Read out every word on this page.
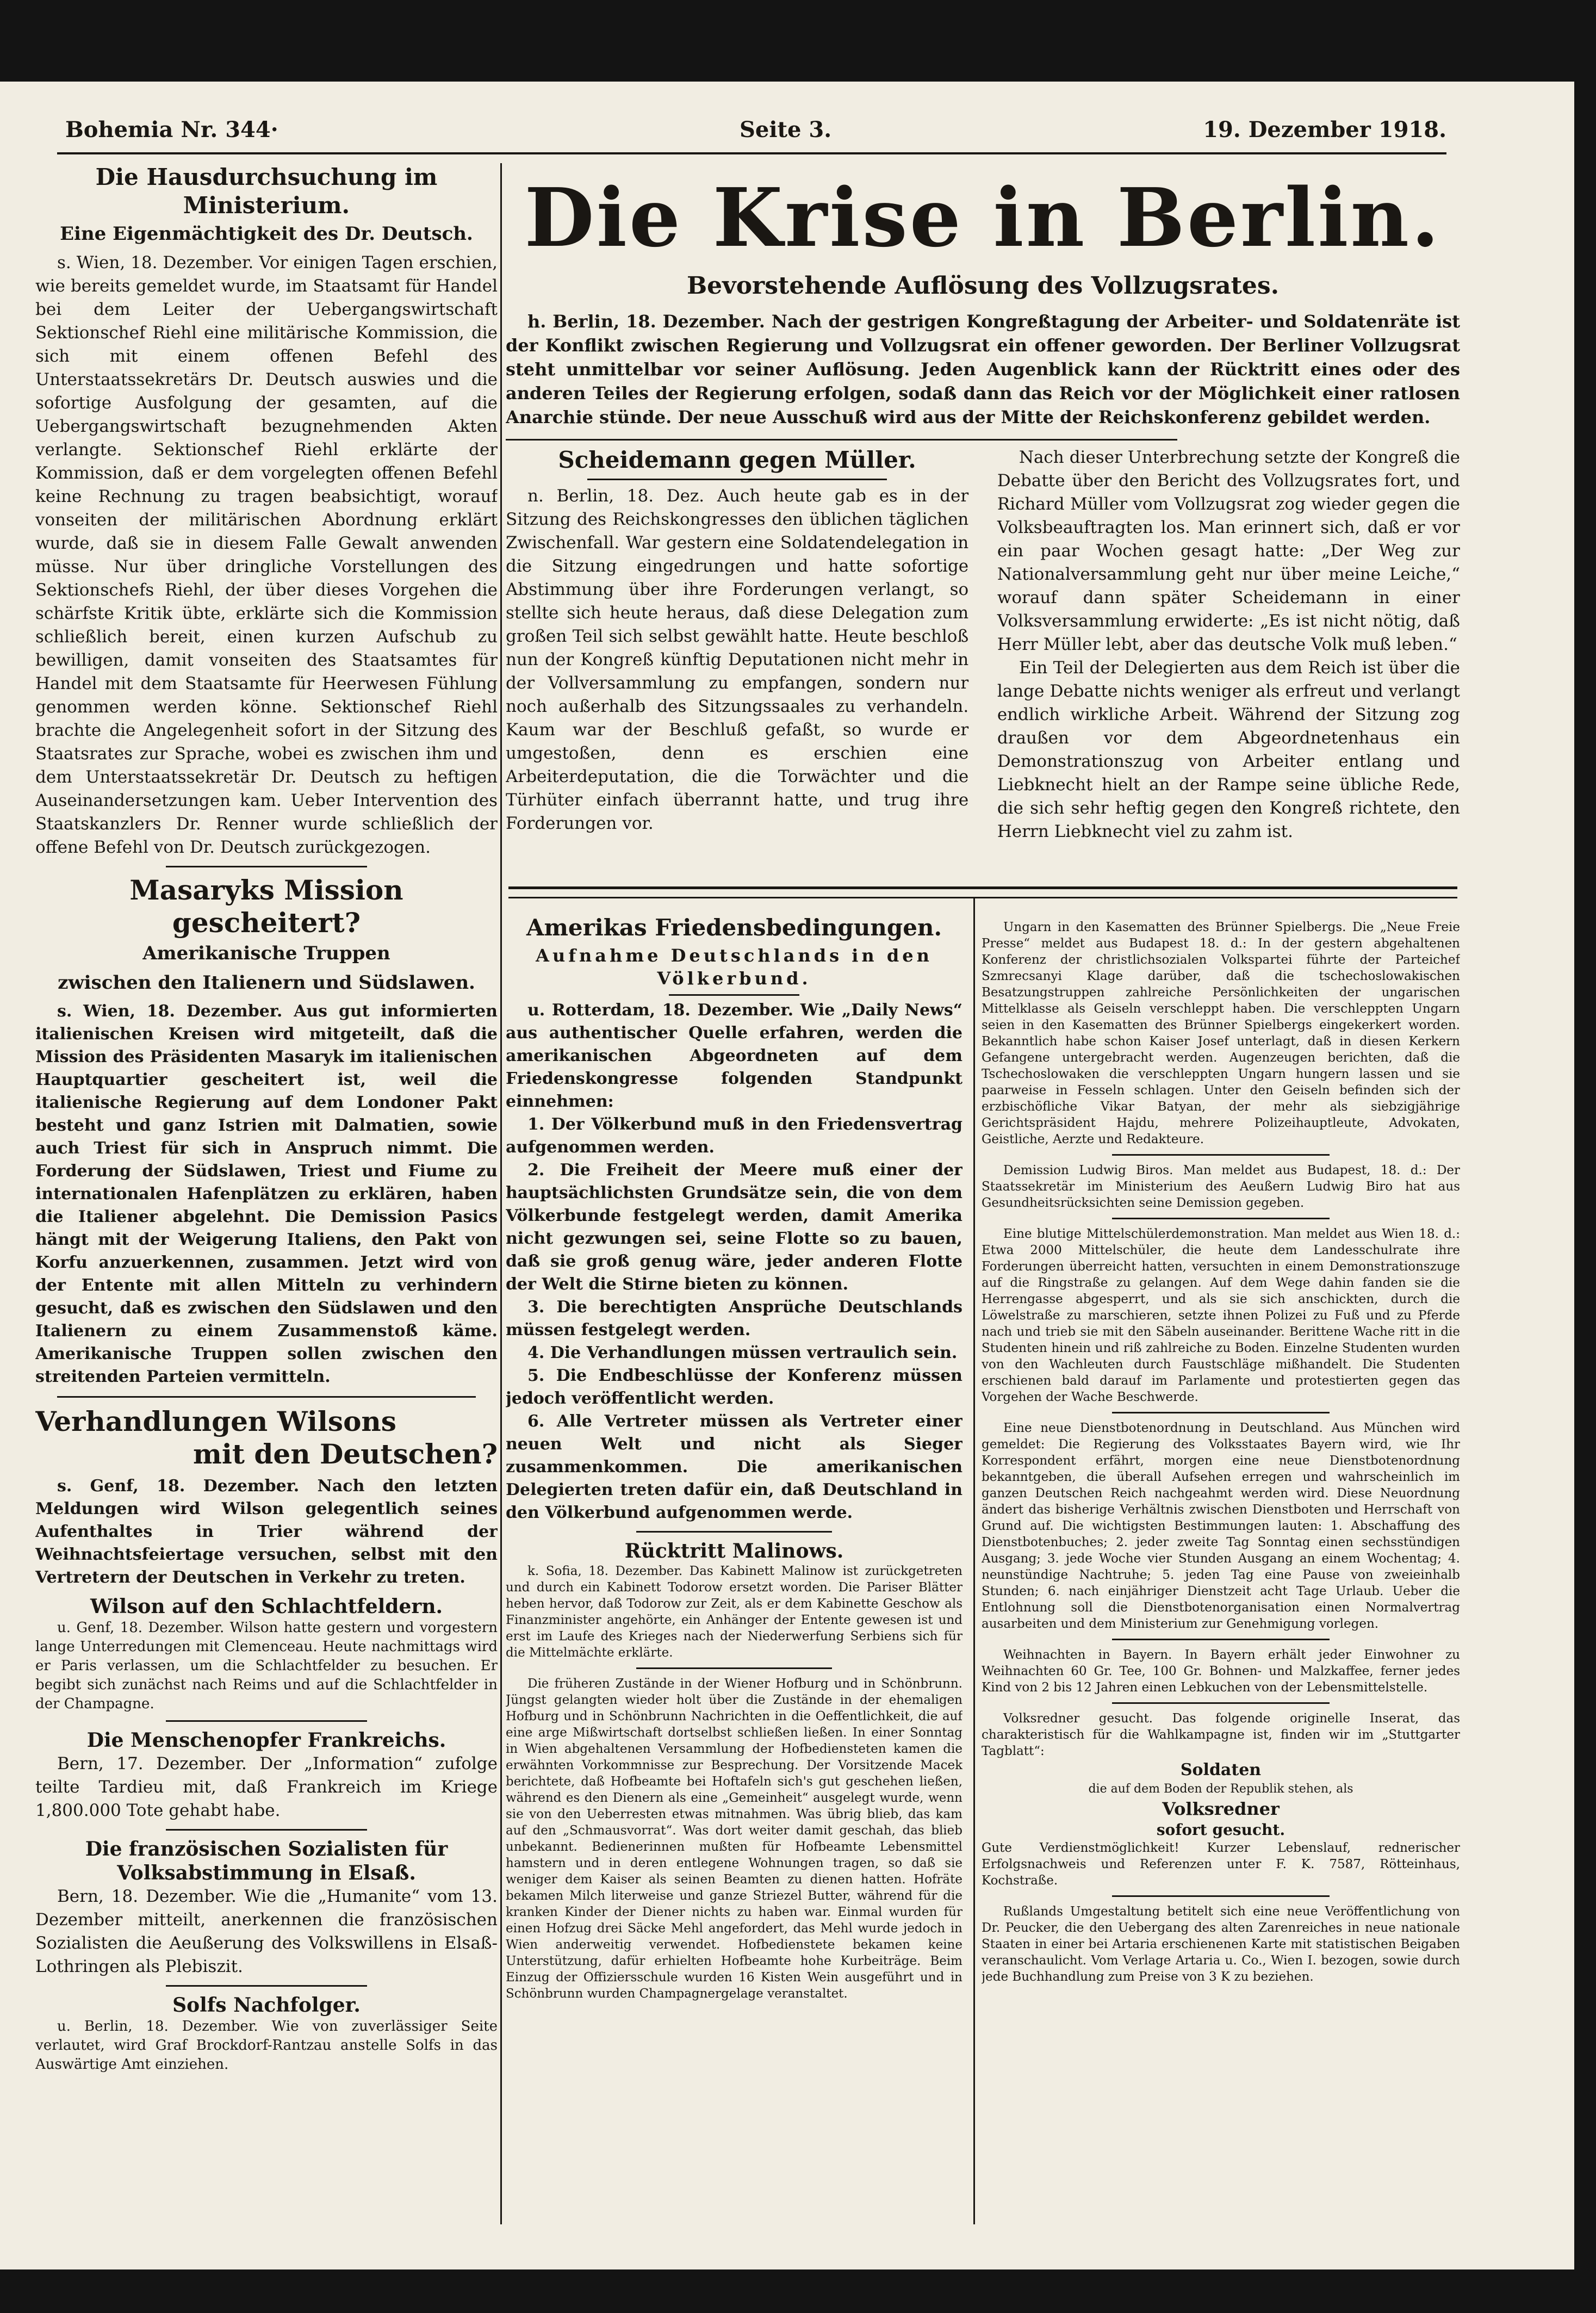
Bohemia Nr. 344·	Seite 3.	19. Dezember 1918.
Die Hausdurchsuchung im Ministerium.
Eine Eigenmächtigkeit des Dr. Deutsch.

s. Wien, 18. Dezember. Vor einigen Tagen erschien, wie bereits gemeldet wurde, im Staatsamt für Handel bei dem Leiter der Uebergangswirtschaft Sektionschef Riehl eine militärische Kommission, die sich mit einem offenen Befehl des Unterstaatssekretärs Dr. Deutsch auswies und die sofortige Ausfolgung der gesamten, auf die Uebergangswirtschaft bezugnehmenden Akten verlangte. Sektionschef Riehl erklärte der Kommission, daß er dem vorgelegten offenen Befehl keine Rechnung zu tragen beabsichtigt, worauf vonseiten der militärischen Abordnung erklärt wurde, daß sie in diesem Falle Gewalt anwenden müsse. Nur über dringliche Vorstellungen des Sektionschefs Riehl, der über dieses Vorgehen die schärfste Kritik übte, erklärte sich die Kommission schließlich bereit, einen kurzen Aufschub zu bewilligen, damit vonseiten des Staatsamtes für Handel mit dem Staatsamte für Heerwesen Fühlung genommen werden könne. Sektionschef Riehl brachte die Angelegenheit sofort in der Sitzung des Staatsrates zur Sprache, wobei es zwischen ihm und dem Unterstaatssekretär Dr. Deutsch zu heftigen Auseinandersetzungen kam. Ueber Intervention des Staatskanzlers Dr. Renner wurde schließlich der offene Befehl von Dr. Deutsch zurückgezogen.

Masaryks Mission gescheitert?
Amerikanische Truppen
zwischen den Italienern und Südslawen.

s. Wien, 18. Dezember. Aus gut informierten italienischen Kreisen wird mitgeteilt, daß die Mission des Präsidenten Masaryk im italienischen Hauptquartier gescheitert ist, weil die italienische Regierung auf dem Londoner Pakt besteht und ganz Istrien mit Dalmatien, sowie auch Triest für sich in Anspruch nimmt. Die Forderung der Südslawen, Triest und Fiume zu internationalen Hafenplätzen zu erklären, haben die Italiener abgelehnt. Die Demission Pasics hängt mit der Weigerung Italiens, den Pakt von Korfu anzuerkennen, zusammen. Jetzt wird von der Entente mit allen Mitteln zu verhindern gesucht, daß es zwischen den Südslawen und den Italienern zu einem Zusammenstoß käme. Amerikanische Truppen sollen zwischen den streitenden Parteien vermitteln.

Verhandlungen Wilsons
mit den Deutschen?

s. Genf, 18. Dezember. Nach den letzten Meldungen wird Wilson gelegentlich seines Aufenthaltes in Trier während der Weihnachtsfeiertage versuchen, selbst mit den Vertretern der Deutschen in Verkehr zu treten.

Wilson auf den Schlachtfeldern.

u. Genf, 18. Dezember. Wilson hatte gestern und vorgestern lange Unterredungen mit Clemenceau. Heute nachmittags wird er Paris verlassen, um die Schlachtfelder zu besuchen. Er begibt sich zunächst nach Reims und auf die Schlachtfelder in der Champagne.

Die Menschenopfer Frankreichs.

Bern, 17. Dezember. Der „Information“ zufolge teilte Tardieu mit, daß Frankreich im Kriege 1,800.000 Tote gehabt habe.

Die französischen Sozialisten für Volksabstimmung in Elsaß.

Bern, 18. Dezember. Wie die „Humanite“ vom 13. Dezember mitteilt, anerkennen die französischen Sozialisten die Aeußerung des Volkswillens in Elsaß-Lothringen als Plebiszit.

Solfs Nachfolger.

u. Berlin, 18. Dezember. Wie von zuverlässiger Seite verlautet, wird Graf Brockdorf-Rantzau anstelle Solfs in das Auswärtige Amt einziehen.

Die Krise in Berlin.
Bevorstehende Auflösung des Vollzugsrates.

h. Berlin, 18. Dezember. Nach der gestrigen Kongreßtagung der Arbeiter- und Soldatenräte ist der Konflikt zwischen Regierung und Vollzugsrat ein offener geworden. Der Berliner Vollzugsrat steht unmittelbar vor seiner Auflösung. Jeden Augenblick kann der Rücktritt eines oder des anderen Teiles der Regierung erfolgen, sodaß dann das Reich vor der Möglichkeit einer ratlosen Anarchie stünde. Der neue Ausschuß wird aus der Mitte der Reichskonferenz gebildet werden.

Scheidemann gegen Müller.

n. Berlin, 18. Dez. Auch heute gab es in der Sitzung des Reichskongresses den üblichen täglichen Zwischenfall. War gestern eine Soldatendelegation in die Sitzung eingedrungen und hatte sofortige Abstimmung über ihre Forderungen verlangt, so stellte sich heute heraus, daß diese Delegation zum großen Teil sich selbst gewählt hatte. Heute beschloß nun der Kongreß künftig Deputationen nicht mehr in der Vollversammlung zu empfangen, sondern nur noch außerhalb des Sitzungssaales zu verhandeln. Kaum war der Beschluß gefaßt, so wurde er umgestoßen, denn es erschien eine Arbeiterdeputation, die die Torwächter und die Türhüter einfach überrannt hatte, und trug ihre Forderungen vor.

Nach dieser Unterbrechung setzte der Kongreß die Debatte über den Bericht des Vollzugsrates fort, und Richard Müller vom Vollzugsrat zog wieder gegen die Volksbeauftragten los. Man erinnert sich, daß er vor ein paar Wochen gesagt hatte: „Der Weg zur Nationalversammlung geht nur über meine Leiche,“ worauf dann später Scheidemann in einer Volksversammlung erwiderte: „Es ist nicht nötig, daß Herr Müller lebt, aber das deutsche Volk muß leben.“

Ein Teil der Delegierten aus dem Reich ist über die lange Debatte nichts weniger als erfreut und verlangt endlich wirkliche Arbeit. Während der Sitzung zog draußen vor dem Abgeordnetenhaus ein Demonstrationszug von Arbeiter entlang und Liebknecht hielt an der Rampe seine übliche Rede, die sich sehr heftig gegen den Kongreß richtete, den Herrn Liebknecht viel zu zahm ist.

Amerikas Friedensbedingungen.
Aufnahme Deutschlands in den Völkerbund.

u. Rotterdam, 18. Dezember. Wie „Daily News“ aus authentischer Quelle erfahren, werden die amerikanischen Abgeordneten auf dem Friedenskongresse folgenden Standpunkt einnehmen:

1. Der Völkerbund muß in den Friedensvertrag aufgenommen werden.

2. Die Freiheit der Meere muß einer der hauptsächlichsten Grundsätze sein, die von dem Völkerbunde festgelegt werden, damit Amerika nicht gezwungen sei, seine Flotte so zu bauen, daß sie groß genug wäre, jeder anderen Flotte der Welt die Stirne bieten zu können.

3. Die berechtigten Ansprüche Deutschlands müssen festgelegt werden.

4. Die Verhandlungen müssen vertraulich sein.

5. Die Endbeschlüsse der Konferenz müssen jedoch veröffentlicht werden.

6. Alle Vertreter müssen als Vertreter einer neuen Welt und nicht als Sieger zusammenkommen. Die amerikanischen Delegierten treten dafür ein, daß Deutschland in den Völkerbund aufgenommen werde.

Rücktritt Malinows.

k. Sofia, 18. Dezember. Das Kabinett Malinow ist zurückgetreten und durch ein Kabinett Todorow ersetzt worden. Die Pariser Blätter heben hervor, daß Todorow zur Zeit, als er dem Kabinette Geschow als Finanzminister angehörte, ein Anhänger der Entente gewesen ist und erst im Laufe des Krieges nach der Niederwerfung Serbiens sich für die Mittelmächte erklärte.

Die früheren Zustände in der Wiener Hofburg und in Schönbrunn. Jüngst gelangten wieder holt über die Zustände in der ehemaligen Hofburg und in Schönbrunn Nachrichten in die Oeffentlichkeit, die auf eine arge Mißwirtschaft dortselbst schließen ließen. In einer Sonntag in Wien abgehaltenen Versammlung der Hofbediensteten kamen die erwähnten Vorkommnisse zur Besprechung. Der Vorsitzende Macek berichtete, daß Hofbeamte bei Hoftafeln sich's gut geschehen ließen, während es den Dienern als eine „Gemeinheit“ ausgelegt wurde, wenn sie von den Ueberresten etwas mitnahmen. Was übrig blieb, das kam auf den „Schmausvorrat“. Was dort weiter damit geschah, das blieb unbekannt. Bedienerinnen mußten für Hofbeamte Lebensmittel hamstern und in deren entlegene Wohnungen tragen, so daß sie weniger dem Kaiser als seinen Beamten zu dienen hatten. Hofräte bekamen Milch literweise und ganze Striezel Butter, während für die kranken Kinder der Diener nichts zu haben war. Einmal wurden für einen Hofzug drei Säcke Mehl angefordert, das Mehl wurde jedoch in Wien anderweitig verwendet. Hofbedienstete bekamen keine Unterstützung, dafür erhielten Hofbeamte hohe Kurbeiträge. Beim Einzug der Offiziersschule wurden 16 Kisten Wein ausgeführt und in Schönbrunn wurden Champagnergelage veranstaltet.

Ungarn in den Kasematten des Brünner Spielbergs. Die „Neue Freie Presse“ meldet aus Budapest 18. d.: In der gestern abgehaltenen Konferenz der christlichsozialen Volkspartei führte der Parteichef Szmrecsanyi Klage darüber, daß die tschechoslowakischen Besatzungstruppen zahlreiche Persönlichkeiten der ungarischen Mittelklasse als Geiseln verschleppt haben. Die verschleppten Ungarn seien in den Kasematten des Brünner Spielbergs eingekerkert worden. Bekanntlich habe schon Kaiser Josef unterlagt, daß in diesen Kerkern Gefangene untergebracht werden. Augenzeugen berichten, daß die Tschechoslowaken die verschleppten Ungarn hungern lassen und sie paarweise in Fesseln schlagen. Unter den Geiseln befinden sich der erzbischöfliche Vikar Batyan, der mehr als siebzigjährige Gerichtspräsident Hajdu, mehrere Polizeihauptleute, Advokaten, Geistliche, Aerzte und Redakteure.

Demission Ludwig Biros. Man meldet aus Budapest, 18. d.: Der Staatssekretär im Ministerium des Aeußern Ludwig Biro hat aus Gesundheitsrücksichten seine Demission gegeben.

Eine blutige Mittelschülerdemonstration. Man meldet aus Wien 18. d.: Etwa 2000 Mittelschüler, die heute dem Landesschulrate ihre Forderungen überreicht hatten, versuchten in einem Demonstrationszuge auf die Ringstraße zu gelangen. Auf dem Wege dahin fanden sie die Herrengasse abgesperrt, und als sie sich anschickten, durch die Löwelstraße zu marschieren, setzte ihnen Polizei zu Fuß und zu Pferde nach und trieb sie mit den Säbeln auseinander. Berittene Wache ritt in die Studenten hinein und riß zahlreiche zu Boden. Einzelne Studenten wurden von den Wachleuten durch Faustschläge mißhandelt. Die Studenten erschienen bald darauf im Parlamente und protestierten gegen das Vorgehen der Wache Beschwerde.

Eine neue Dienstbotenordnung in Deutschland. Aus München wird gemeldet: Die Regierung des Volksstaates Bayern wird, wie Ihr Korrespondent erfährt, morgen eine neue Dienstbotenordnung bekanntgeben, die überall Aufsehen erregen und wahrscheinlich im ganzen Deutschen Reich nachgeahmt werden wird. Diese Neuordnung ändert das bisherige Verhältnis zwischen Dienstboten und Herrschaft von Grund auf. Die wichtigsten Bestimmungen lauten: 1. Abschaffung des Dienstbotenbuches; 2. jeder zweite Tag Sonntag einen sechsstündigen Ausgang; 3. jede Woche vier Stunden Ausgang an einem Wochentag; 4. neunstündige Nachtruhe; 5. jeden Tag eine Pause von zweieinhalb Stunden; 6. nach einjähriger Dienstzeit acht Tage Urlaub. Ueber die Entlohnung soll die Dienstbotenorganisation einen Normalvertrag ausarbeiten und dem Ministerium zur Genehmigung vorlegen.

Weihnachten in Bayern. In Bayern erhält jeder Einwohner zu Weihnachten 60 Gr. Tee, 100 Gr. Bohnen- und Malzkaffee, ferner jedes Kind von 2 bis 12 Jahren einen Lebkuchen von der Lebensmittelstelle.

Volksredner gesucht. Das folgende originelle Inserat, das charakteristisch für die Wahlkampagne ist, finden wir im „Stuttgarter Tagblatt“:

Soldaten
die auf dem Boden der Republik stehen, als
Volksredner
sofort gesucht.

Gute Verdienstmöglichkeit! Kurzer Lebenslauf, rednerischer Erfolgsnachweis und Referenzen unter F. K. 7587, Rötteinhaus, Kochstraße.

Rußlands Umgestaltung betitelt sich eine neue Veröffentlichung von Dr. Peucker, die den Uebergang des alten Zarenreiches in neue nationale Staaten in einer bei Artaria erschienenen Karte mit statistischen Beigaben veranschaulicht. Vom Verlage Artaria u. Co., Wien I. bezogen, sowie durch jede Buchhandlung zum Preise von 3 K zu beziehen.
